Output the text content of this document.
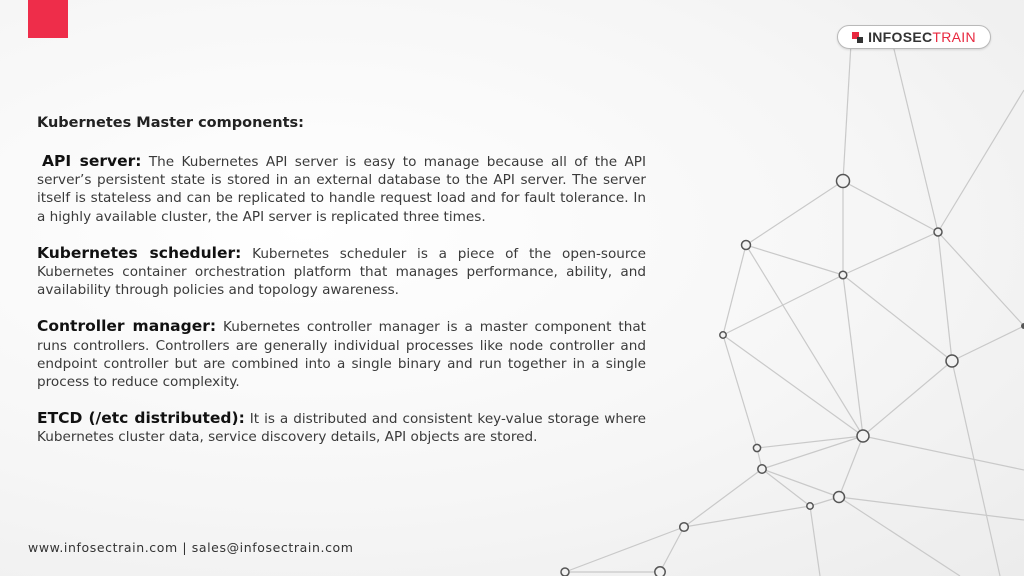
INFOSECTRAIN
Kubernetes Master components:

API server: The Kubernetes API server is easy to manage because all of the API server’s persistent state is stored in an external database to the API server. The server itself is stateless and can be replicated to handle request load and for fault tolerance. In a highly available cluster, the API server is replicated three times.

Kubernetes scheduler: Kubernetes scheduler is a piece of the open-source Kubernetes container orchestration platform that manages performance, ability, and availability through policies and topology awareness.

Controller manager: Kubernetes controller manager is a master component that runs controllers. Controllers are generally individual processes like node controller and endpoint controller but are combined into a single binary and run together in a single process to reduce complexity.

ETCD (/etc distributed): It is a distributed and consistent key-value storage where Kubernetes cluster data, service discovery details, API objects are stored.

www.infosectrain.com | sales@infosectrain.com
